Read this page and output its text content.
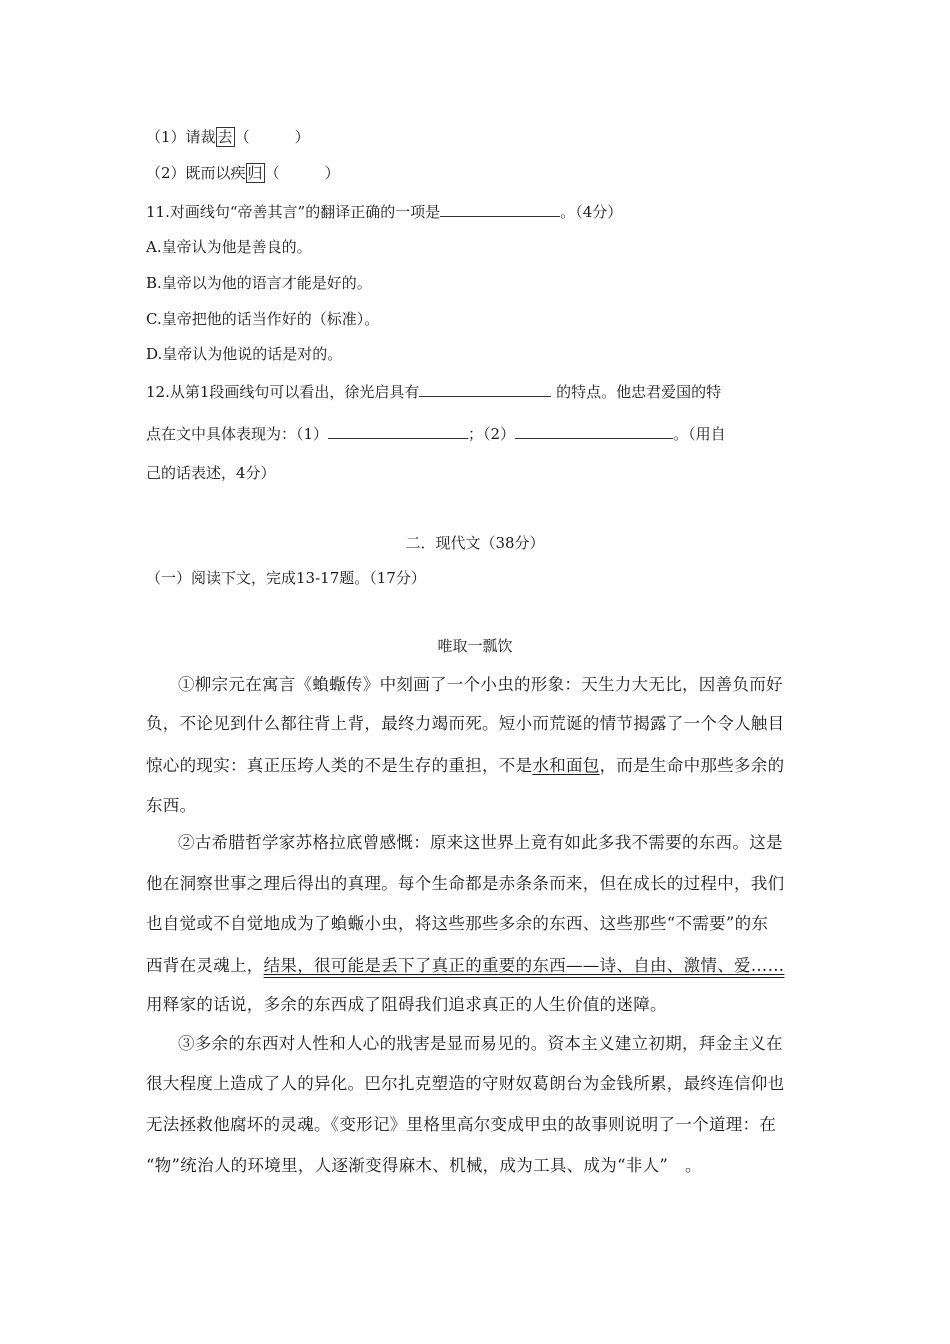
（1）请裁 去 （　　　）
（2）既而以疾 归 （　　　）
11.对画线句“帝善其言”的翻译正确的一项是	。（4分）
A.皇帝认为他是善良的。
B.皇帝以为他的语言才能是好的。
C.皇帝把他的话当作好的（标准）。
D.皇帝认为他说的话是对的。
12.从第1段画线句可以看出，徐光启具有	的特点。他忠君爱国的特
点在文中具体表现为：（1）	；（2）	。（用自
己的话表述，4分）
二．现代文（38分）
（一）阅读下文，完成13-17题。（17分）
唯取一瓢饮
①柳宗元在寓言《蝜蝂传》中刻画了一个小虫的形象：天生力大无比，因善负而好
负，不论见到什么都往背上背，最终力竭而死。短小而荒诞的情节揭露了一个令人触目
惊心的现实：真正压垮人类的不是生存的重担，不是水和面包，而是生命中那些多余的
东西。
②古希腊哲学家苏格拉底曾感慨：原来这世界上竟有如此多我不需要的东西。这是
他在洞察世事之理后得出的真理。每个生命都是赤条条而来，但在成长的过程中，我们
也自觉或不自觉地成为了蝜蝂小虫，将这些那些多余的东西、这些那些“不需要”的东
西背在灵魂上，结果，很可能是丢下了真正的重要的东西——诗、自由、激情、爱……
用释家的话说，多余的东西成了阻碍我们追求真正的人生价值的迷障。
③多余的东西对人性和人心的戕害是显而易见的。资本主义建立初期，拜金主义在
很大程度上造成了人的异化。巴尔扎克塑造的守财奴葛朗台为金钱所累，最终连信仰也
无法拯救他腐坏的灵魂。《变形记》里格里高尔变成甲虫的故事则说明了一个道理：在
“物”统治人的环境里，人逐渐变得麻木、机械，成为工具、成为“非人”　。
